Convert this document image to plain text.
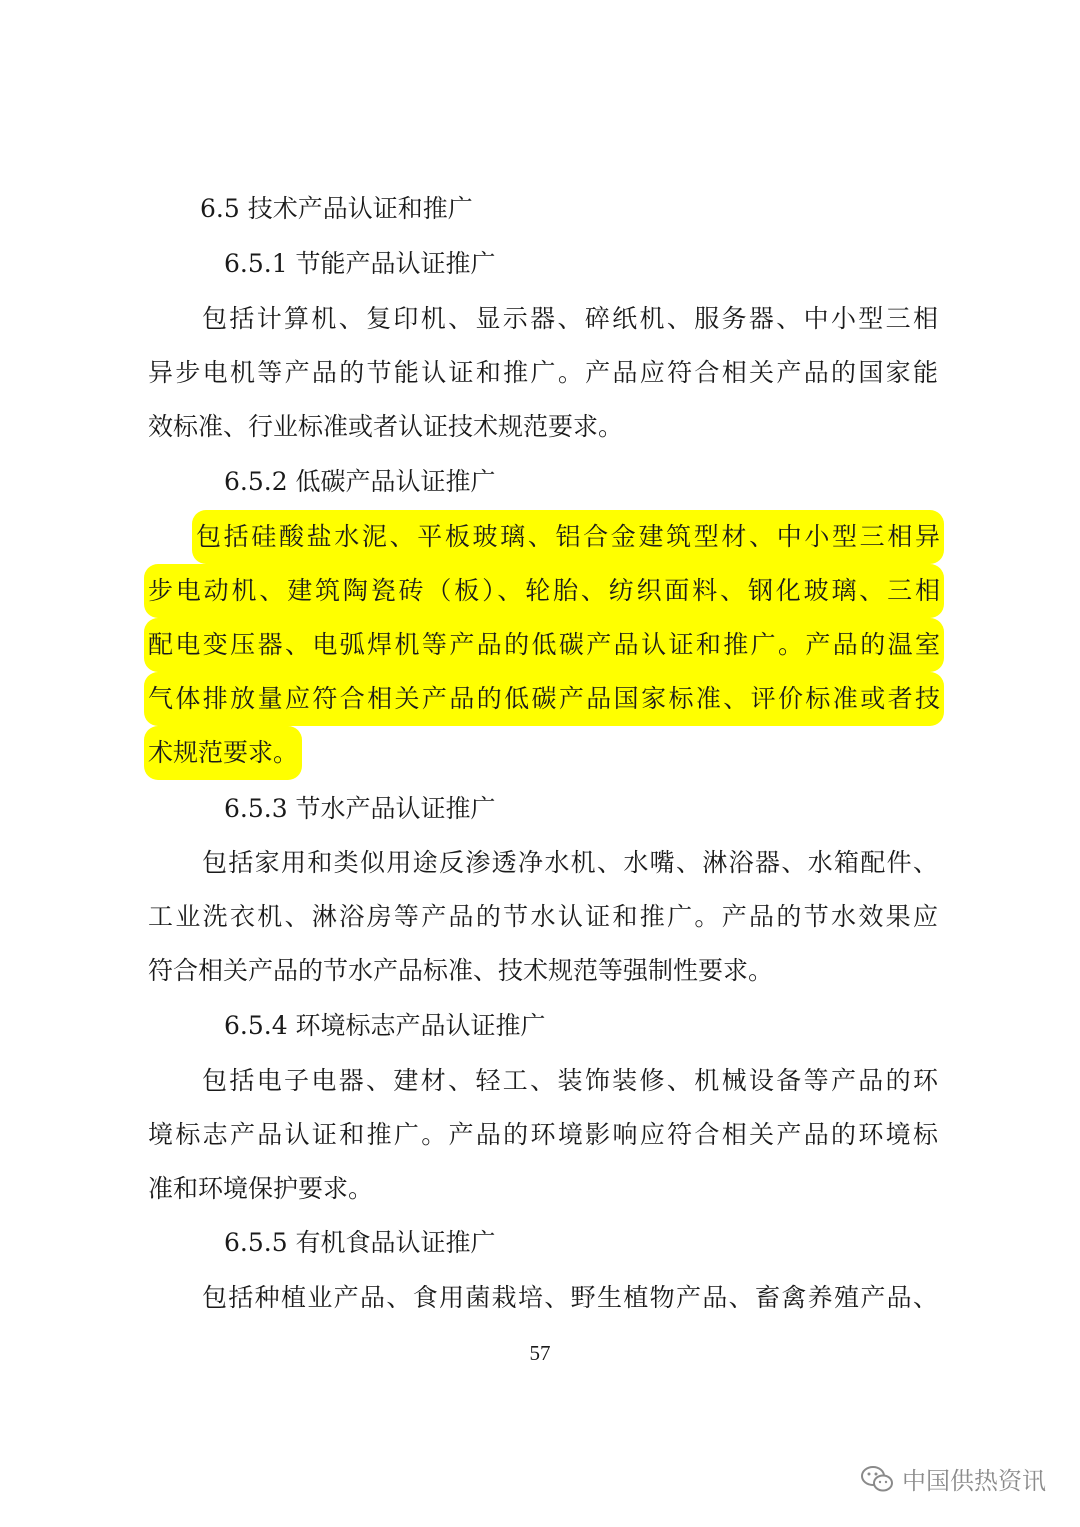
6.5 技术产品认证和推广
6.5.1 节能产品认证推广
包括计算机、复印机、显示器、碎纸机、服务器、中小型三相
异步电机等产品的节能认证和推广。产品应符合相关产品的国家能
效标准、行业标准或者认证技术规范要求。
6.5.2 低碳产品认证推广
包括硅酸盐水泥、平板玻璃、铝合金建筑型材、中小型三相异
步电动机、建筑陶瓷砖（板）、轮胎、纺织面料、钢化玻璃、三相
配电变压器、电弧焊机等产品的低碳产品认证和推广。产品的温室
气体排放量应符合相关产品的低碳产品国家标准、评价标准或者技
术规范要求。
6.5.3 节水产品认证推广
包括家用和类似用途反渗透净水机、水嘴、淋浴器、水箱配件、
工业洗衣机、淋浴房等产品的节水认证和推广。产品的节水效果应
符合相关产品的节水产品标准、技术规范等强制性要求。
6.5.4 环境标志产品认证推广
包括电子电器、建材、轻工、装饰装修、机械设备等产品的环
境标志产品认证和推广。产品的环境影响应符合相关产品的环境标
准和环境保护要求。
6.5.5 有机食品认证推广
包括种植业产品、食用菌栽培、野生植物产品、畜禽养殖产品、
57
中国供热资讯
